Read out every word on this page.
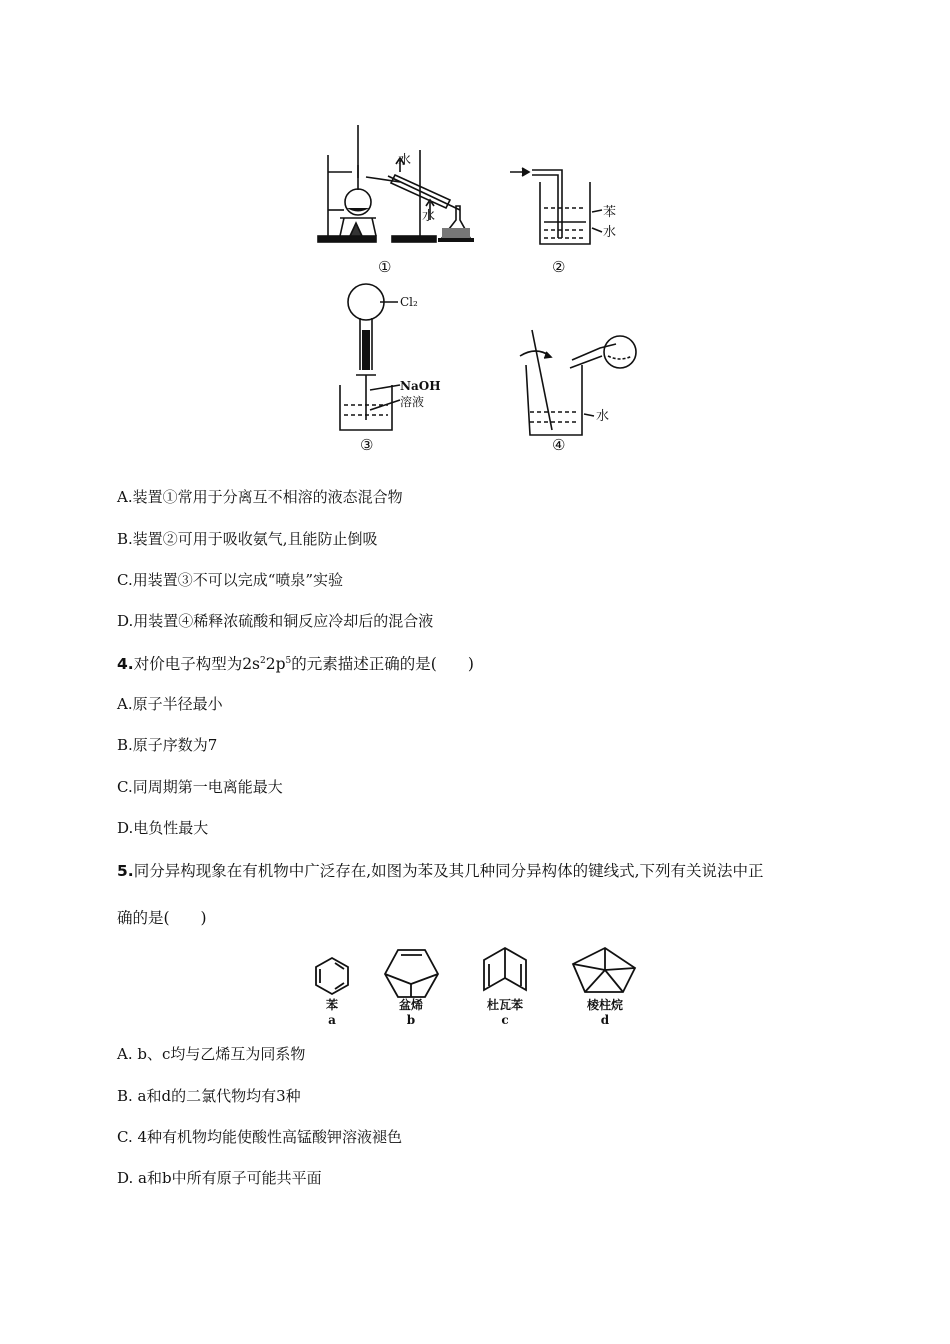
水
水	苯
水
Cl₂
NaOH
溶液
水
①	②
③	④
A.装置①常用于分离互不相溶的液态混合物
B.装置②可用于吸收氨气,且能防止倒吸
C.用装置③不可以完成“喷泉”实验
D.用装置④稀释浓硫酸和铜反应冷却后的混合液
4.对价电子构型为$2s^22p^5$的元素描述正确的是(　　)
A.原子半径最小
B.原子序数为7
C.同周期第一电离能最大
D.电负性最大
5.同分异构现象在有机物中广泛存在,如图为苯及其几种同分异构体的键线式,下列有关说法中正
确的是(　　)
苯
a
盆烯
b
杜瓦苯
c
棱柱烷
d
A. b、c均与乙烯互为同系物
B. a和d的二氯代物均有3种
C. 4种有机物均能使酸性高锰酸钾溶液褪色
D. a和b中所有原子可能共平面
